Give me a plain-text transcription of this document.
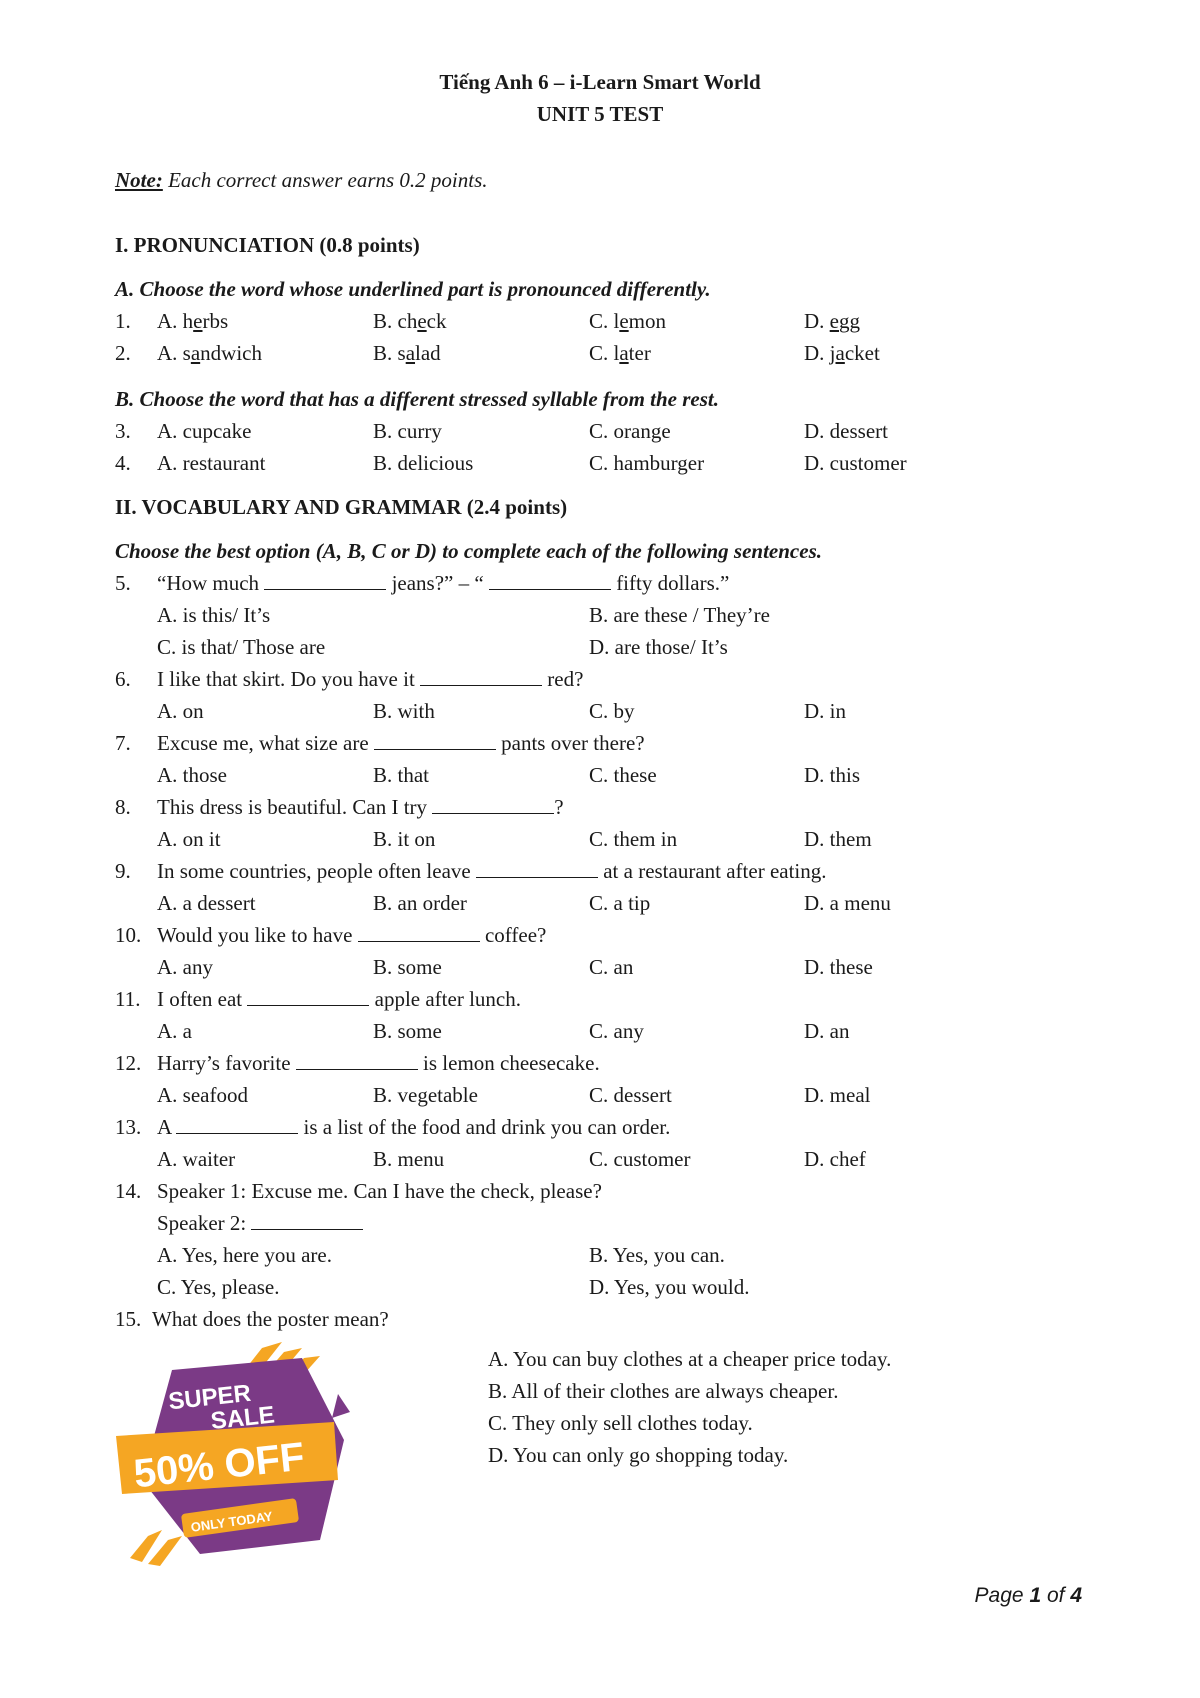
Tiếng Anh 6 – i-Learn Smart World
UNIT 5 TEST
Note: Each correct answer earns 0.2 points.
I. PRONUNCIATION (0.8 points)
A. Choose the word whose underlined part is pronounced differently.
1. A. herbs	B. check	C. lemon	D. egg
2. A. sandwich	B. salad	C. later	D. jacket
B. Choose the word that has a different stressed syllable from the rest.
3. A. cupcake	B. curry	C. orange	D. dessert
4. A. restaurant	B. delicious	C. hamburger	D. customer
II. VOCABULARY AND GRAMMAR (2.4 points)
Choose the best option (A, B, C or D) to complete each of the following sentences.
5. “How much	jeans?” – “	fifty dollars.”
A. is this/ It’s	B. are these / They’re
C. is that/ Those are	D. are those/ It’s
6. I like that skirt. Do you have it	red?
A. on	B. with	C. by	D. in
7. Excuse me, what size are	pants over there?
A. those	B. that	C. these	D. this
8. This dress is beautiful. Can I try	?
A. on it	B. it on	C. them in	D. them
9. In some countries, people often leave	at a restaurant after eating.
A. a dessert	B. an order	C. a tip	D. a menu
10. Would you like to have	coffee?
A. any	B. some	C. an	D. these
11. I often eat	apple after lunch.
A. a	B. some	C. any	D. an
12. Harry’s favorite	is lemon cheesecake.
A. seafood	B. vegetable	C. dessert	D. meal
13. A	is a list of the food and drink you can order.
A. waiter	B. menu	C. customer	D. chef
14. Speaker 1: Excuse me. Can I have the check, please?
Speaker 2:
A. Yes, here you are.	B. Yes, you can.
C. Yes, please.	D. Yes, you would.
15. What does the poster mean?
A. You can buy clothes at a cheaper price today.
B. All of their clothes are always cheaper.
C. They only sell clothes today.
D. You can only go shopping today.
SUPER
SALE
50% OFF
ONLY TODAY
Page 1 of 4
